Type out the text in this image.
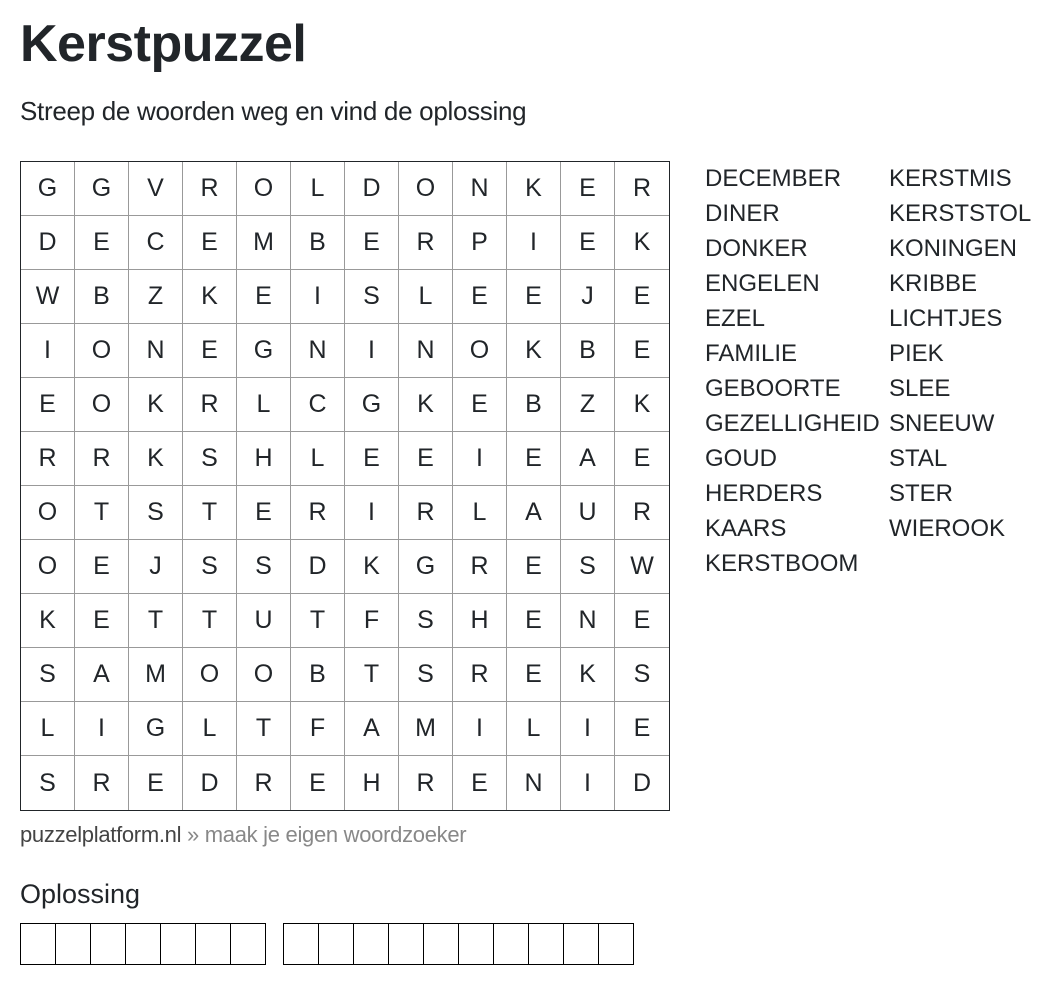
Kerstpuzzel
Streep de woorden weg en vind de oplossing
G	G	V	R	O	L	D	O	N	K	E	R
D	E	C	E	M	B	E	R	P	I	E	K
W	B	Z	K	E	I	S	L	E	E	J	E
I	O	N	E	G	N	I	N	O	K	B	E
E	O	K	R	L	C	G	K	E	B	Z	K
R	R	K	S	H	L	E	E	I	E	A	E
O	T	S	T	E	R	I	R	L	A	U	R
O	E	J	S	S	D	K	G	R	E	S	W
K	E	T	T	U	T	F	S	H	E	N	E
S	A	M	O	O	B	T	S	R	E	K	S
L	I	G	L	T	F	A	M	I	L	I	E
S	R	E	D	R	E	H	R	E	N	I	D
DECEMBER
DINER
DONKER
ENGELEN
EZEL
FAMILIE
GEBOORTE
GEZELLIGHEID
GOUD
HERDERS
KAARS
KERSTBOOM
KERSTMIS
KERSTSTOL
KONINGEN
KRIBBE
LICHTJES
PIEK
SLEE
SNEEUW
STAL
STER
WIEROOK
puzzelplatform.nl » maak je eigen woordzoeker
Oplossing
